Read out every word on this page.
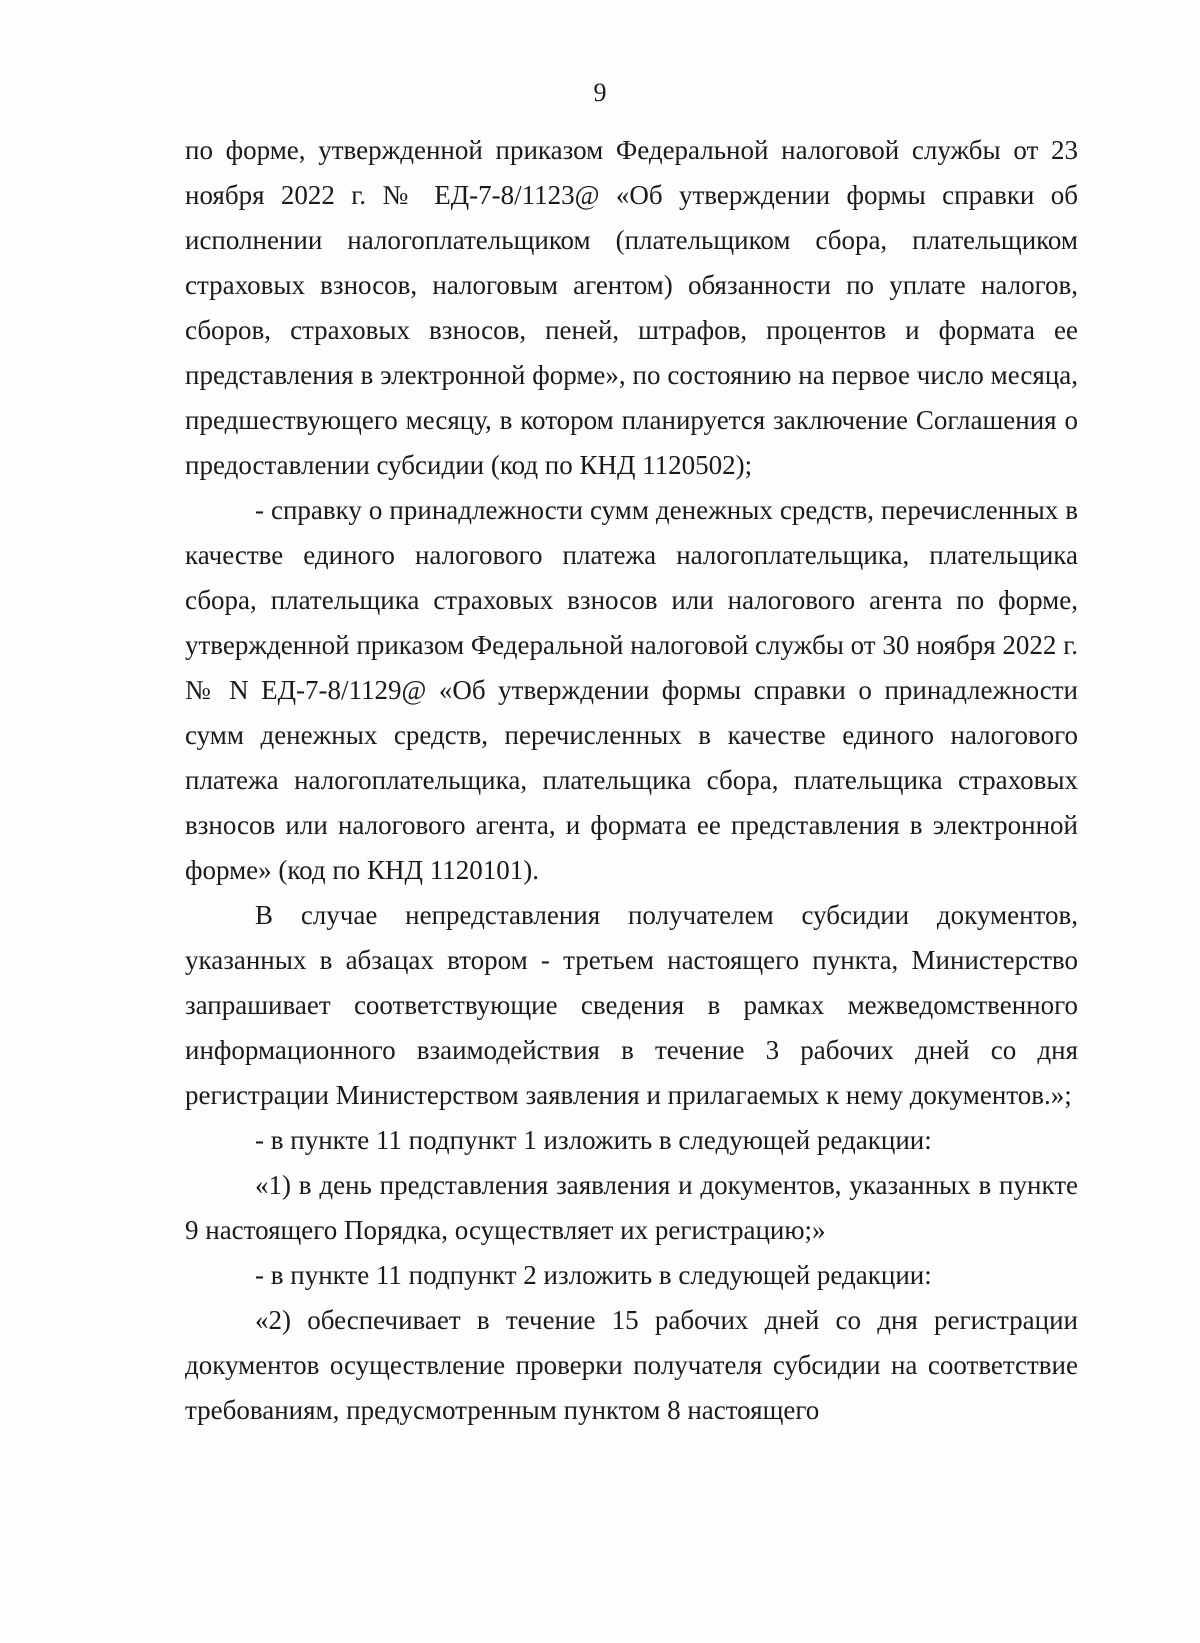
9

по форме, утвержденной приказом Федеральной налоговой службы от 23 ноября 2022 г. № ЕД-7-8/1123@ «Об утверждении формы справки об исполнении налогоплательщиком (плательщиком сбора, плательщиком страховых взносов, налоговым агентом) обязанности по уплате налогов, сборов, страховых взносов, пеней, штрафов, процентов и формата ее представления в электронной форме», по состоянию на первое число месяца, предшествующего месяцу, в котором планируется заключение Соглашения о предоставлении субсидии (код по КНД 1120502);

- справку о принадлежности сумм денежных средств, перечисленных в качестве единого налогового платежа налогоплательщика, плательщика сбора, плательщика страховых взносов или налогового агента по форме, утвержденной приказом Федеральной налоговой службы от 30 ноября 2022 г. № N ЕД-7-8/1129@ «Об утверждении формы справки о принадлежности сумм денежных средств, перечисленных в качестве единого налогового платежа налогоплательщика, плательщика сбора, плательщика страховых взносов или налогового агента, и формата ее представления в электронной форме» (код по КНД 1120101).

В случае непредставления получателем субсидии документов, указанных в абзацах втором - третьем настоящего пункта, Министерство запрашивает соответствующие сведения в рамках межведомственного информационного взаимодействия в течение 3 рабочих дней со дня регистрации Министерством заявления и прилагаемых к нему документов.»;

- в пункте 11 подпункт 1 изложить в следующей редакции:

«1) в день представления заявления и документов, указанных в пункте 9 настоящего Порядка, осуществляет их регистрацию;»

- в пункте 11 подпункт 2 изложить в следующей редакции:

«2) обеспечивает в течение 15 рабочих дней со дня регистрации документов осуществление проверки получателя субсидии на соответствие требованиям, предусмотренным пунктом 8 настоящего
